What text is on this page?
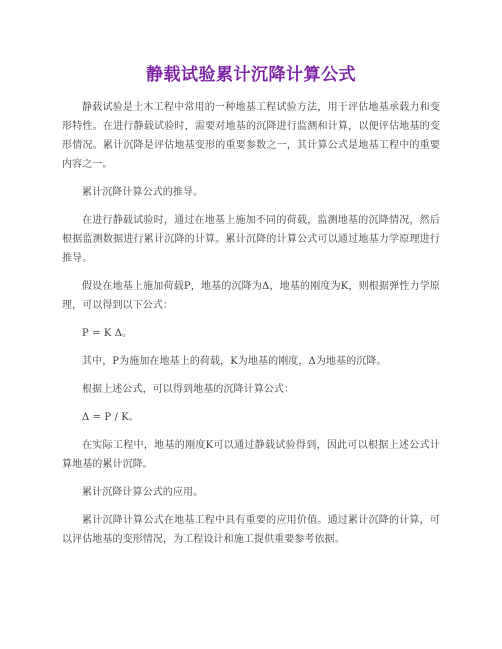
静载试验累计沉降计算公式

静载试验是土木工程中常用的一种地基工程试验方法，用于评估地基承载力和变形特性。在进行静载试验时，需要对地基的沉降进行监测和计算，以便评估地基的变形情况。累计沉降是评估地基变形的重要参数之一，其计算公式是地基工程中的重要内容之一。

累计沉降计算公式的推导。

在进行静载试验时，通过在地基上施加不同的荷载，监测地基的沉降情况，然后根据监测数据进行累计沉降的计算。累计沉降的计算公式可以通过地基力学原理进行推导。

假设在地基上施加荷载P，地基的沉降为Δ，地基的刚度为K，则根据弹性力学原理，可以得到以下公式：

P = K Δ。

其中，P为施加在地基上的荷载，K为地基的刚度，Δ为地基的沉降。

根据上述公式，可以得到地基的沉降计算公式：

Δ = P / K。

在实际工程中，地基的刚度K可以通过静载试验得到，因此可以根据上述公式计算地基的累计沉降。

累计沉降计算公式的应用。

累计沉降计算公式在地基工程中具有重要的应用价值。通过累计沉降的计算，可以评估地基的变形情况，为工程设计和施工提供重要参考依据。
